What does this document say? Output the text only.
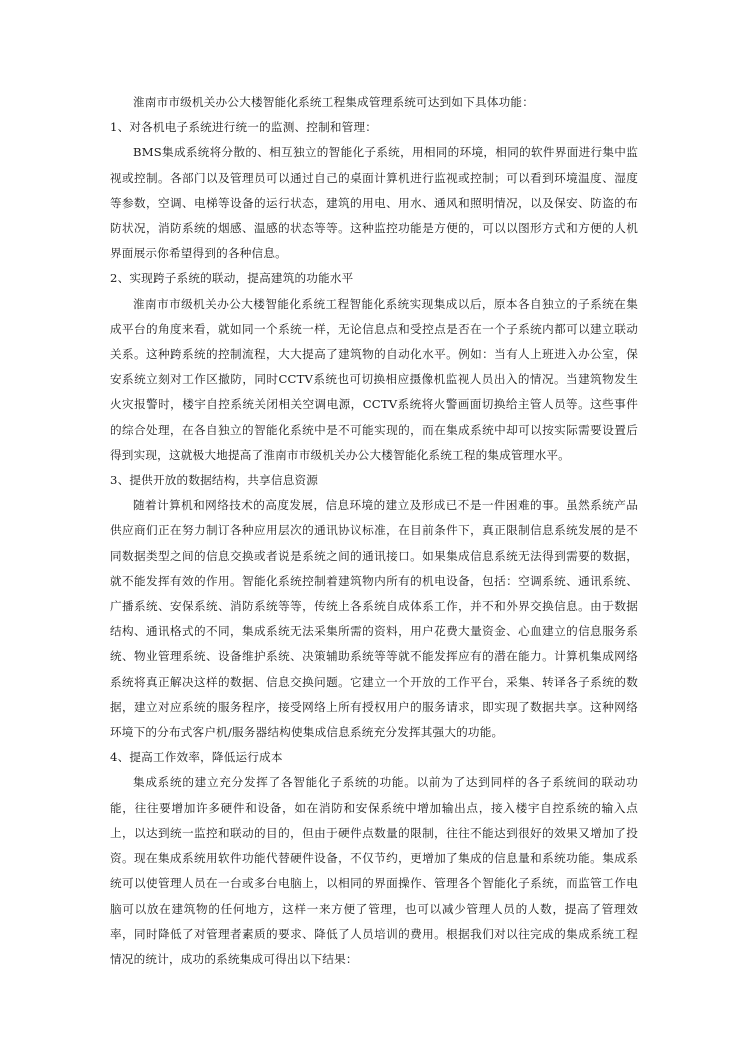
淮南市市级机关办公大楼智能化系统工程集成管理系统可达到如下具体功能：

1、对各机电子系统进行统一的监测、控制和管理：

BMS集成系统将分散的、相互独立的智能化子系统，用相同的环境，相同的软件界面进行集中监视或控制。各部门以及管理员可以通过自己的桌面计算机进行监视或控制；可以看到环境温度、湿度等参数，空调、电梯等设备的运行状态，建筑的用电、用水、通风和照明情况，以及保安、防盗的布防状况，消防系统的烟感、温感的状态等等。这种监控功能是方便的，可以以图形方式和方便的人机界面展示你希望得到的各种信息。

2、实现跨子系统的联动，提高建筑的功能水平

淮南市市级机关办公大楼智能化系统工程智能化系统实现集成以后，原本各自独立的子系统在集成平台的角度来看，就如同一个系统一样，无论信息点和受控点是否在一个子系统内都可以建立联动关系。这种跨系统的控制流程，大大提高了建筑物的自动化水平。例如：当有人上班进入办公室，保安系统立刻对工作区撤防，同时CCTV系统也可切换相应摄像机监视人员出入的情况。当建筑物发生火灾报警时，楼宇自控系统关闭相关空调电源，CCTV系统将火警画面切换给主管人员等。这些事件的综合处理，在各自独立的智能化系统中是不可能实现的，而在集成系统中却可以按实际需要设置后得到实现，这就极大地提高了淮南市市级机关办公大楼智能化系统工程的集成管理水平。

3、提供开放的数据结构，共享信息资源

随着计算机和网络技术的高度发展，信息环境的建立及形成已不是一件困难的事。虽然系统产品供应商们正在努力制订各种应用层次的通讯协议标准，在目前条件下，真正限制信息系统发展的是不同数据类型之间的信息交换或者说是系统之间的通讯接口。如果集成信息系统无法得到需要的数据，就不能发挥有效的作用。智能化系统控制着建筑物内所有的机电设备，包括：空调系统、通讯系统、广播系统、安保系统、消防系统等等，传统上各系统自成体系工作，并不和外界交换信息。由于数据结构、通讯格式的不同，集成系统无法采集所需的资料，用户花费大量资金、心血建立的信息服务系统、物业管理系统、设备维护系统、决策辅助系统等等就不能发挥应有的潜在能力。计算机集成网络系统将真正解决这样的数据、信息交换问题。它建立一个开放的工作平台，采集、转译各子系统的数据，建立对应系统的服务程序，接受网络上所有授权用户的服务请求，即实现了数据共享。这种网络环境下的分布式客户机/服务器结构使集成信息系统充分发挥其强大的功能。

4、提高工作效率，降低运行成本

集成系统的建立充分发挥了各智能化子系统的功能。以前为了达到同样的各子系统间的联动功能，往往要增加许多硬件和设备，如在消防和安保系统中增加输出点，接入楼宇自控系统的输入点上，以达到统一监控和联动的目的，但由于硬件点数量的限制，往往不能达到很好的效果又增加了投资。现在集成系统用软件功能代替硬件设备，不仅节约，更增加了集成的信息量和系统功能。集成系统可以使管理人员在一台或多台电脑上，以相同的界面操作、管理各个智能化子系统，而监管工作电脑可以放在建筑物的任何地方，这样一来方便了管理，也可以减少管理人员的人数，提高了管理效率，同时降低了对管理者素质的要求、降低了人员培训的费用。根据我们对以往完成的集成系统工程情况的统计，成功的系统集成可得出以下结果：
